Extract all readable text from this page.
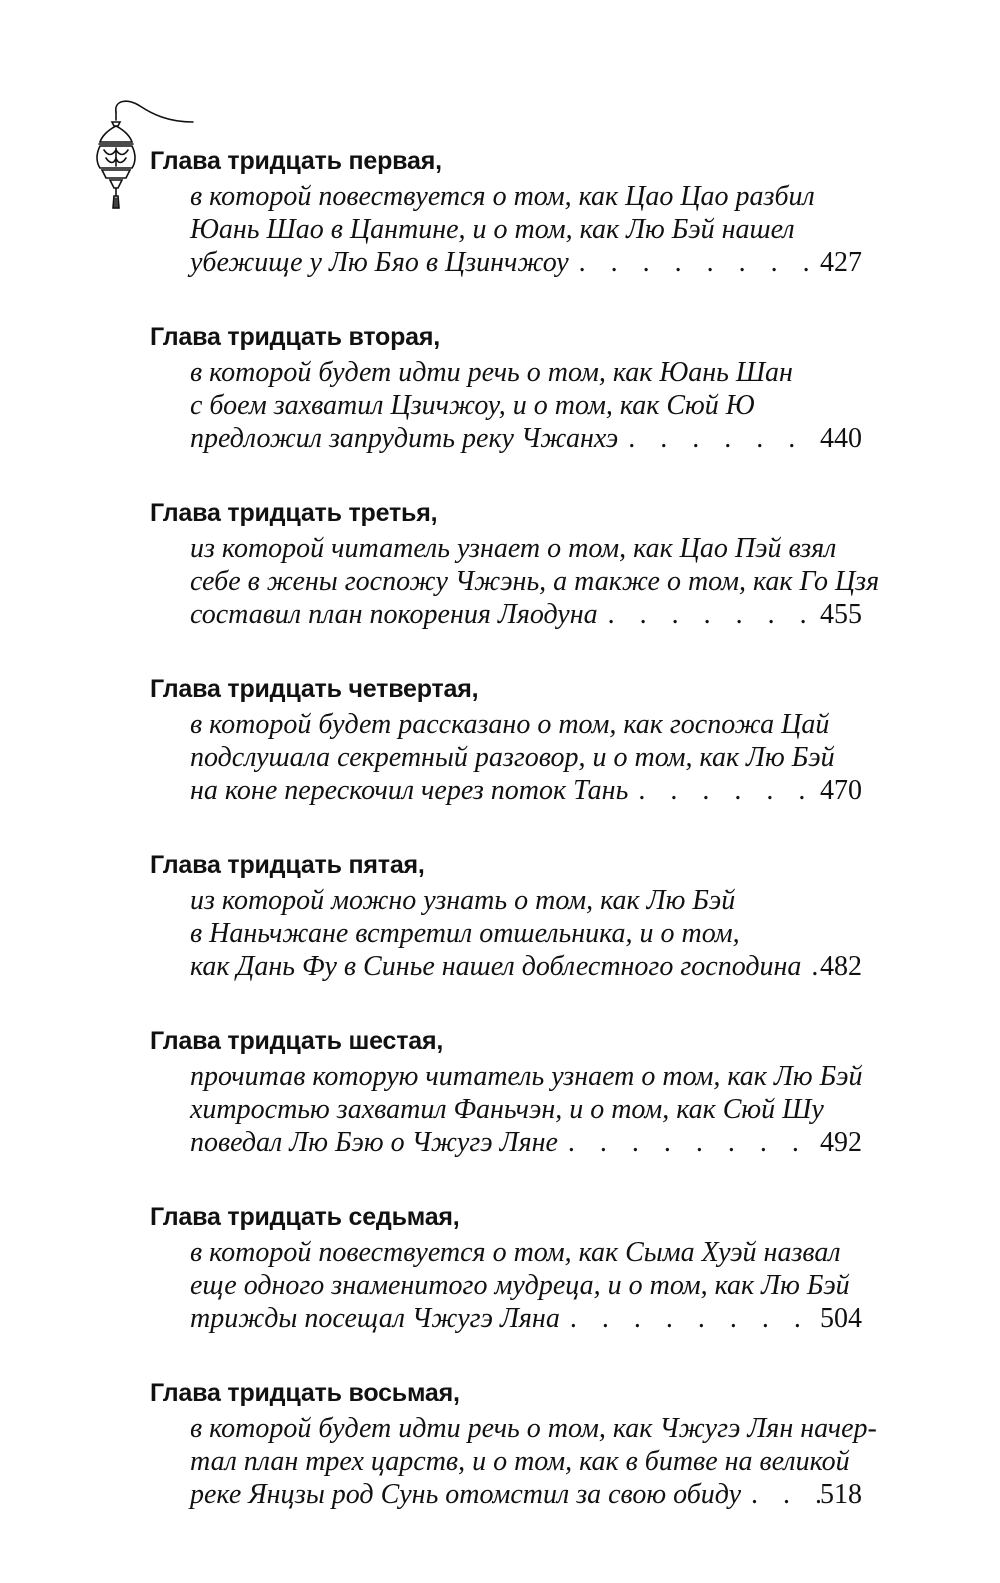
Глава тридцать первая,
в которой повествуется о том, как Цао Цао разбил
Юань Шао в Цантине, и о том, как Лю Бэй нашел
убежище у Лю Бяо в Цзинчжоу . . .	427
Глава тридцать вторая,
в которой будет идти речь о том, как Юань Шан
с боем захватил Цзичжоу, и о том, как Сюй Ю
предложил запрудить реку Чжанхэ . . .	440
Глава тридцать третья,
из которой читатель узнает о том, как Цао Пэй взял
себе в жены госпожу Чжэнь, а также о том, как Го Цзя
составил план покорения Ляодуна . . .	455
Глава тридцать четвертая,
в которой будет рассказано о том, как госпожа Цай
подслушала секретный разговор, и о том, как Лю Бэй
на коне перескочил через поток Тань . . .	470
Глава тридцать пятая,
из которой можно узнать о том, как Лю Бэй
в Наньчжане встретил отшельника, и о том,
как Дань Фу в Синье нашел доблестного господина . . . 482
Глава тридцать шестая,
прочитав которую читатель узнает о том, как Лю Бэй
хитростью захватил Фаньчэн, и о том, как Сюй Шу
поведал Лю Бэю о Чжугэ Ляне . . .	492
Глава тридцать седьмая,
в которой повествуется о том, как Сыма Хуэй назвал
еще одного знаменитого мудреца, и о том, как Лю Бэй
трижды посещал Чжугэ Ляна . . .	504
Глава тридцать восьмая,
в которой будет идти речь о том, как Чжугэ Лян начер-
тал план трех царств, и о том, как в битве на великой
реке Янцзы род Сунь отомстил за свою обиду . . .	518
